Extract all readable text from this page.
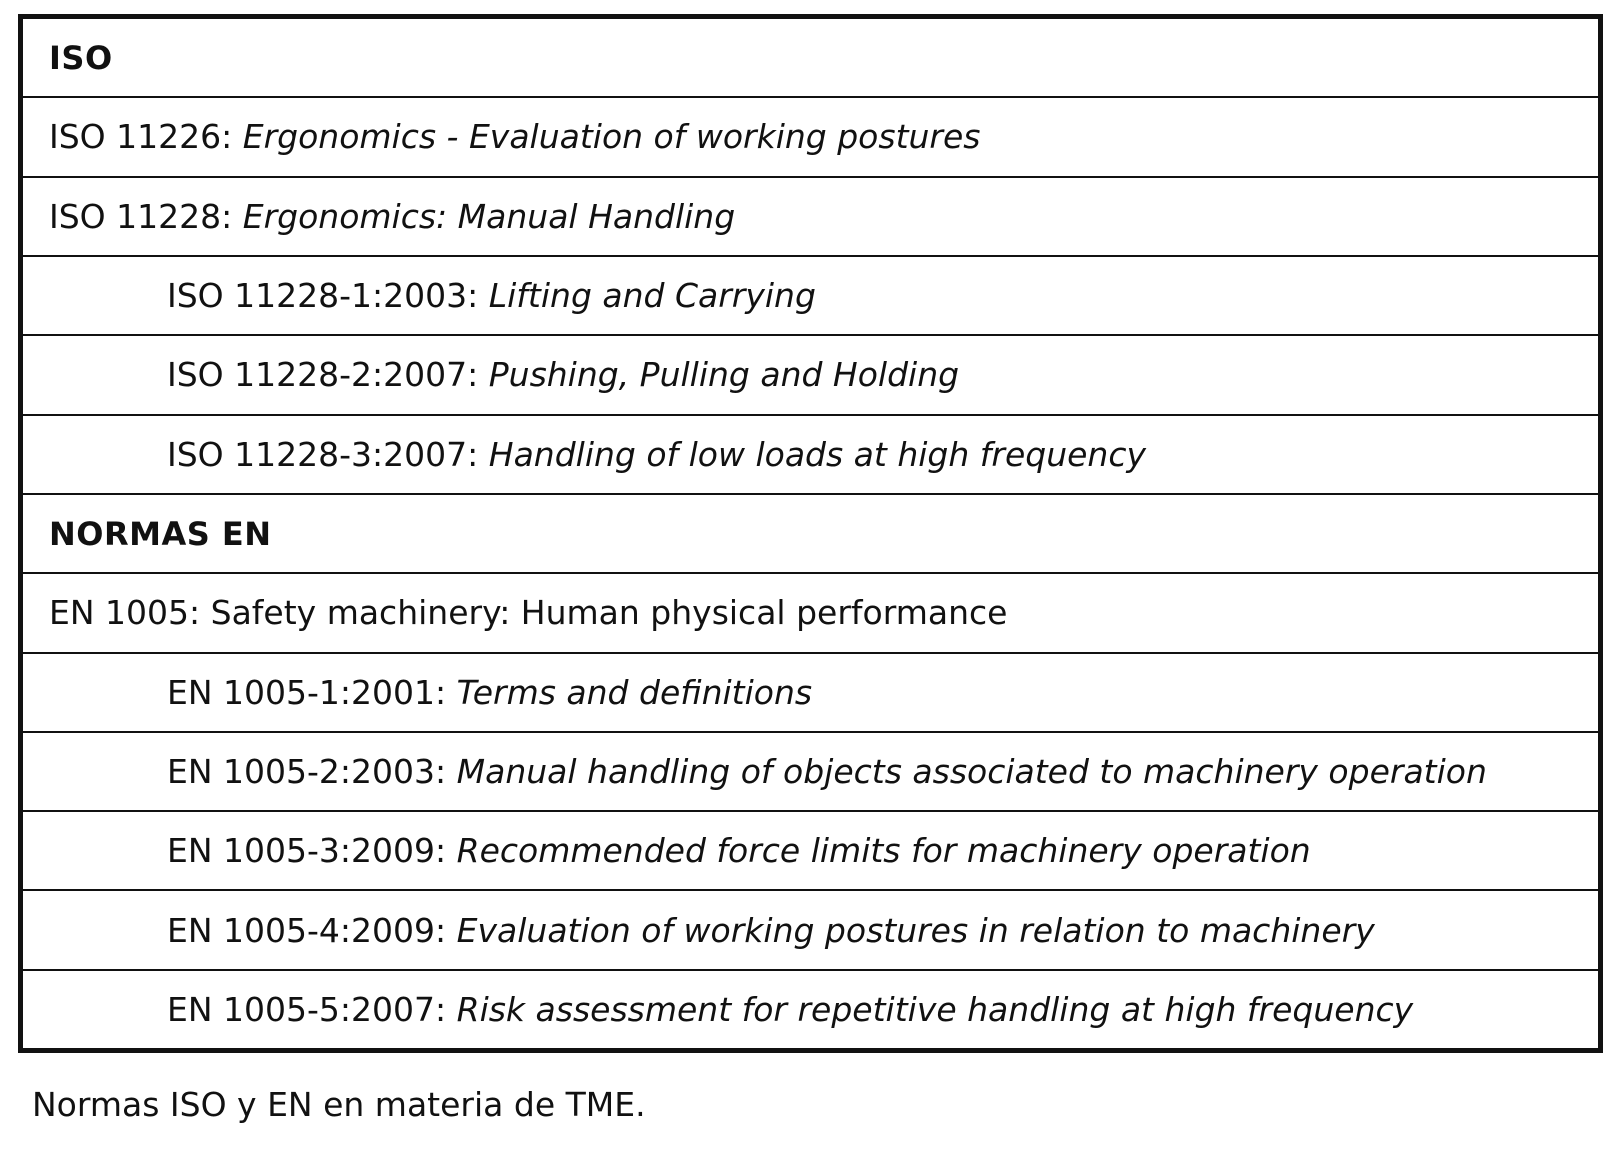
ISO
ISO 11226:
Ergonomics - Evaluation of working postures
ISO 11228:
Ergonomics: Manual Handling
ISO 11228-1:2003:
Lifting and Carrying
ISO 11228-2:2007:
Pushing, Pulling and Holding
ISO 11228-3:2007:
Handling of low loads at high frequency
NORMAS EN
EN 1005:
Safety machinery: Human physical performance
EN 1005-1:2001:
Terms and definitions
EN 1005-2:2003:
Manual handling of objects associated to machinery operation
EN 1005-3:2009:
Recommended force limits for machinery operation
EN 1005-4:2009:
Evaluation of working postures in relation to machinery
EN 1005-5:2007:
Risk assessment for repetitive handling at high frequency
Normas ISO y EN en materia de TME.
